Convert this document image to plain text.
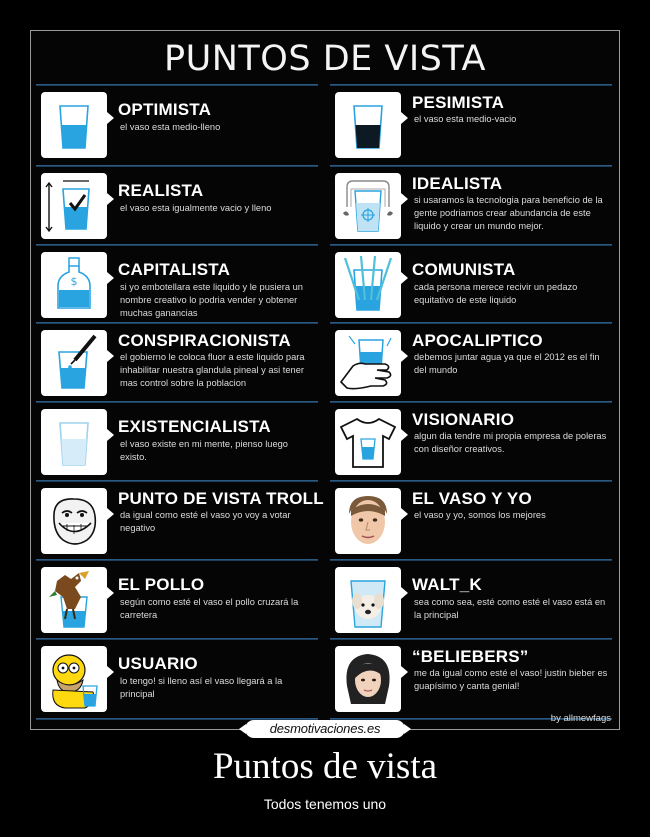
PUNTOS DE VISTA
OPTIMISTA
el vaso esta medio-lleno
REALISTA
el vaso esta igualmente vacio y lleno
$
CAPITALISTA
si yo embotellara este liquido y le pusiera un nombre creativo lo podria vender y obtener muchas ganancias
CONSPIRACIONISTA
el gobierno le coloca fluor a este liquido para inhabilitar nuestra glandula pineal y asi tener mas control sobre la poblacion
EXISTENCIALISTA
el vaso existe en mi mente, pienso luego existo.
PUNTO DE VISTA TROLL
da igual como esté el vaso yo voy a votar negativo
EL POLLO
según como esté el vaso el pollo cruzará la carretera
USUARIO
lo tengo! si lleno así el vaso llegará a la principal
PESIMISTA
el vaso esta medio-vacio
IDEALISTA
si usaramos la tecnologia para beneficio de la gente podriamos crear abundancia de este liquido y crear un mundo mejor.
COMUNISTA
cada persona merece recivir un pedazo equitativo de este liquido
APOCALIPTICO
debemos juntar agua ya que el 2012 es el fin del mundo
VISIONARIO
algun dia tendre mi propia empresa de poleras con diseñor creativos.
EL VASO Y YO
el vaso y yo, somos los mejores
WALT_K
sea como sea, esté como esté el vaso está en la principal
“BELIEBERS”
me da igual como esté el vaso! justin bieber es guapísimo y canta genial!
by allmewfags
desmotivaciones.es
Puntos de vista
Todos tenemos uno
